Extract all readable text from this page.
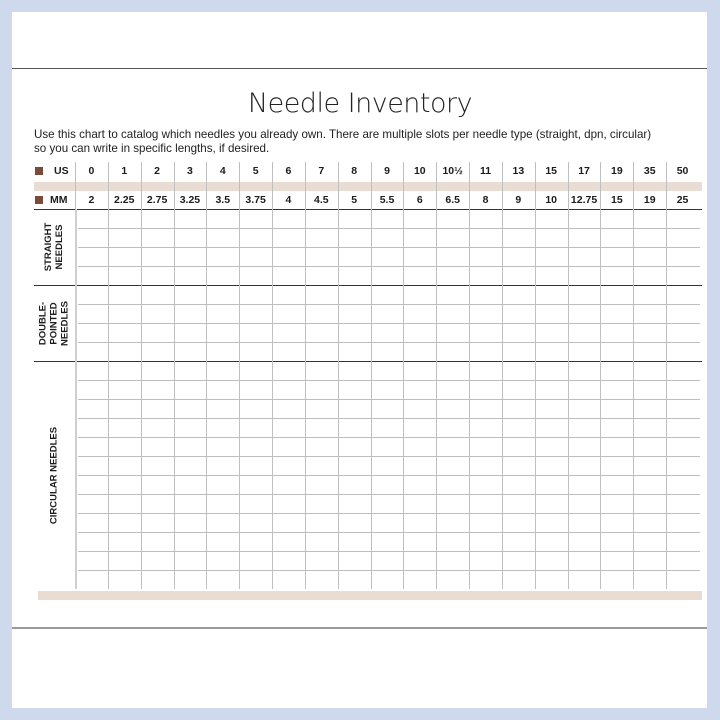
Needle Inventory
Use this chart to catalog which needles you already own. There are multiple slots per needle type (straight, dpn, circular)
so you can write in specific lengths, if desired.
US
MM
0
2
1
2.25
2
2.75
3
3.25
4
3.5
5
3.75
6
4
7
4.5
8
5
9
5.5
10
6
10½
6.5
11
8
13
9
15
10
17
12.75
19
15
35
19
50
25
STRAIGHT NEEDLES
DOUBLE- POINTED NEEDLES
CIRCULAR NEEDLES
